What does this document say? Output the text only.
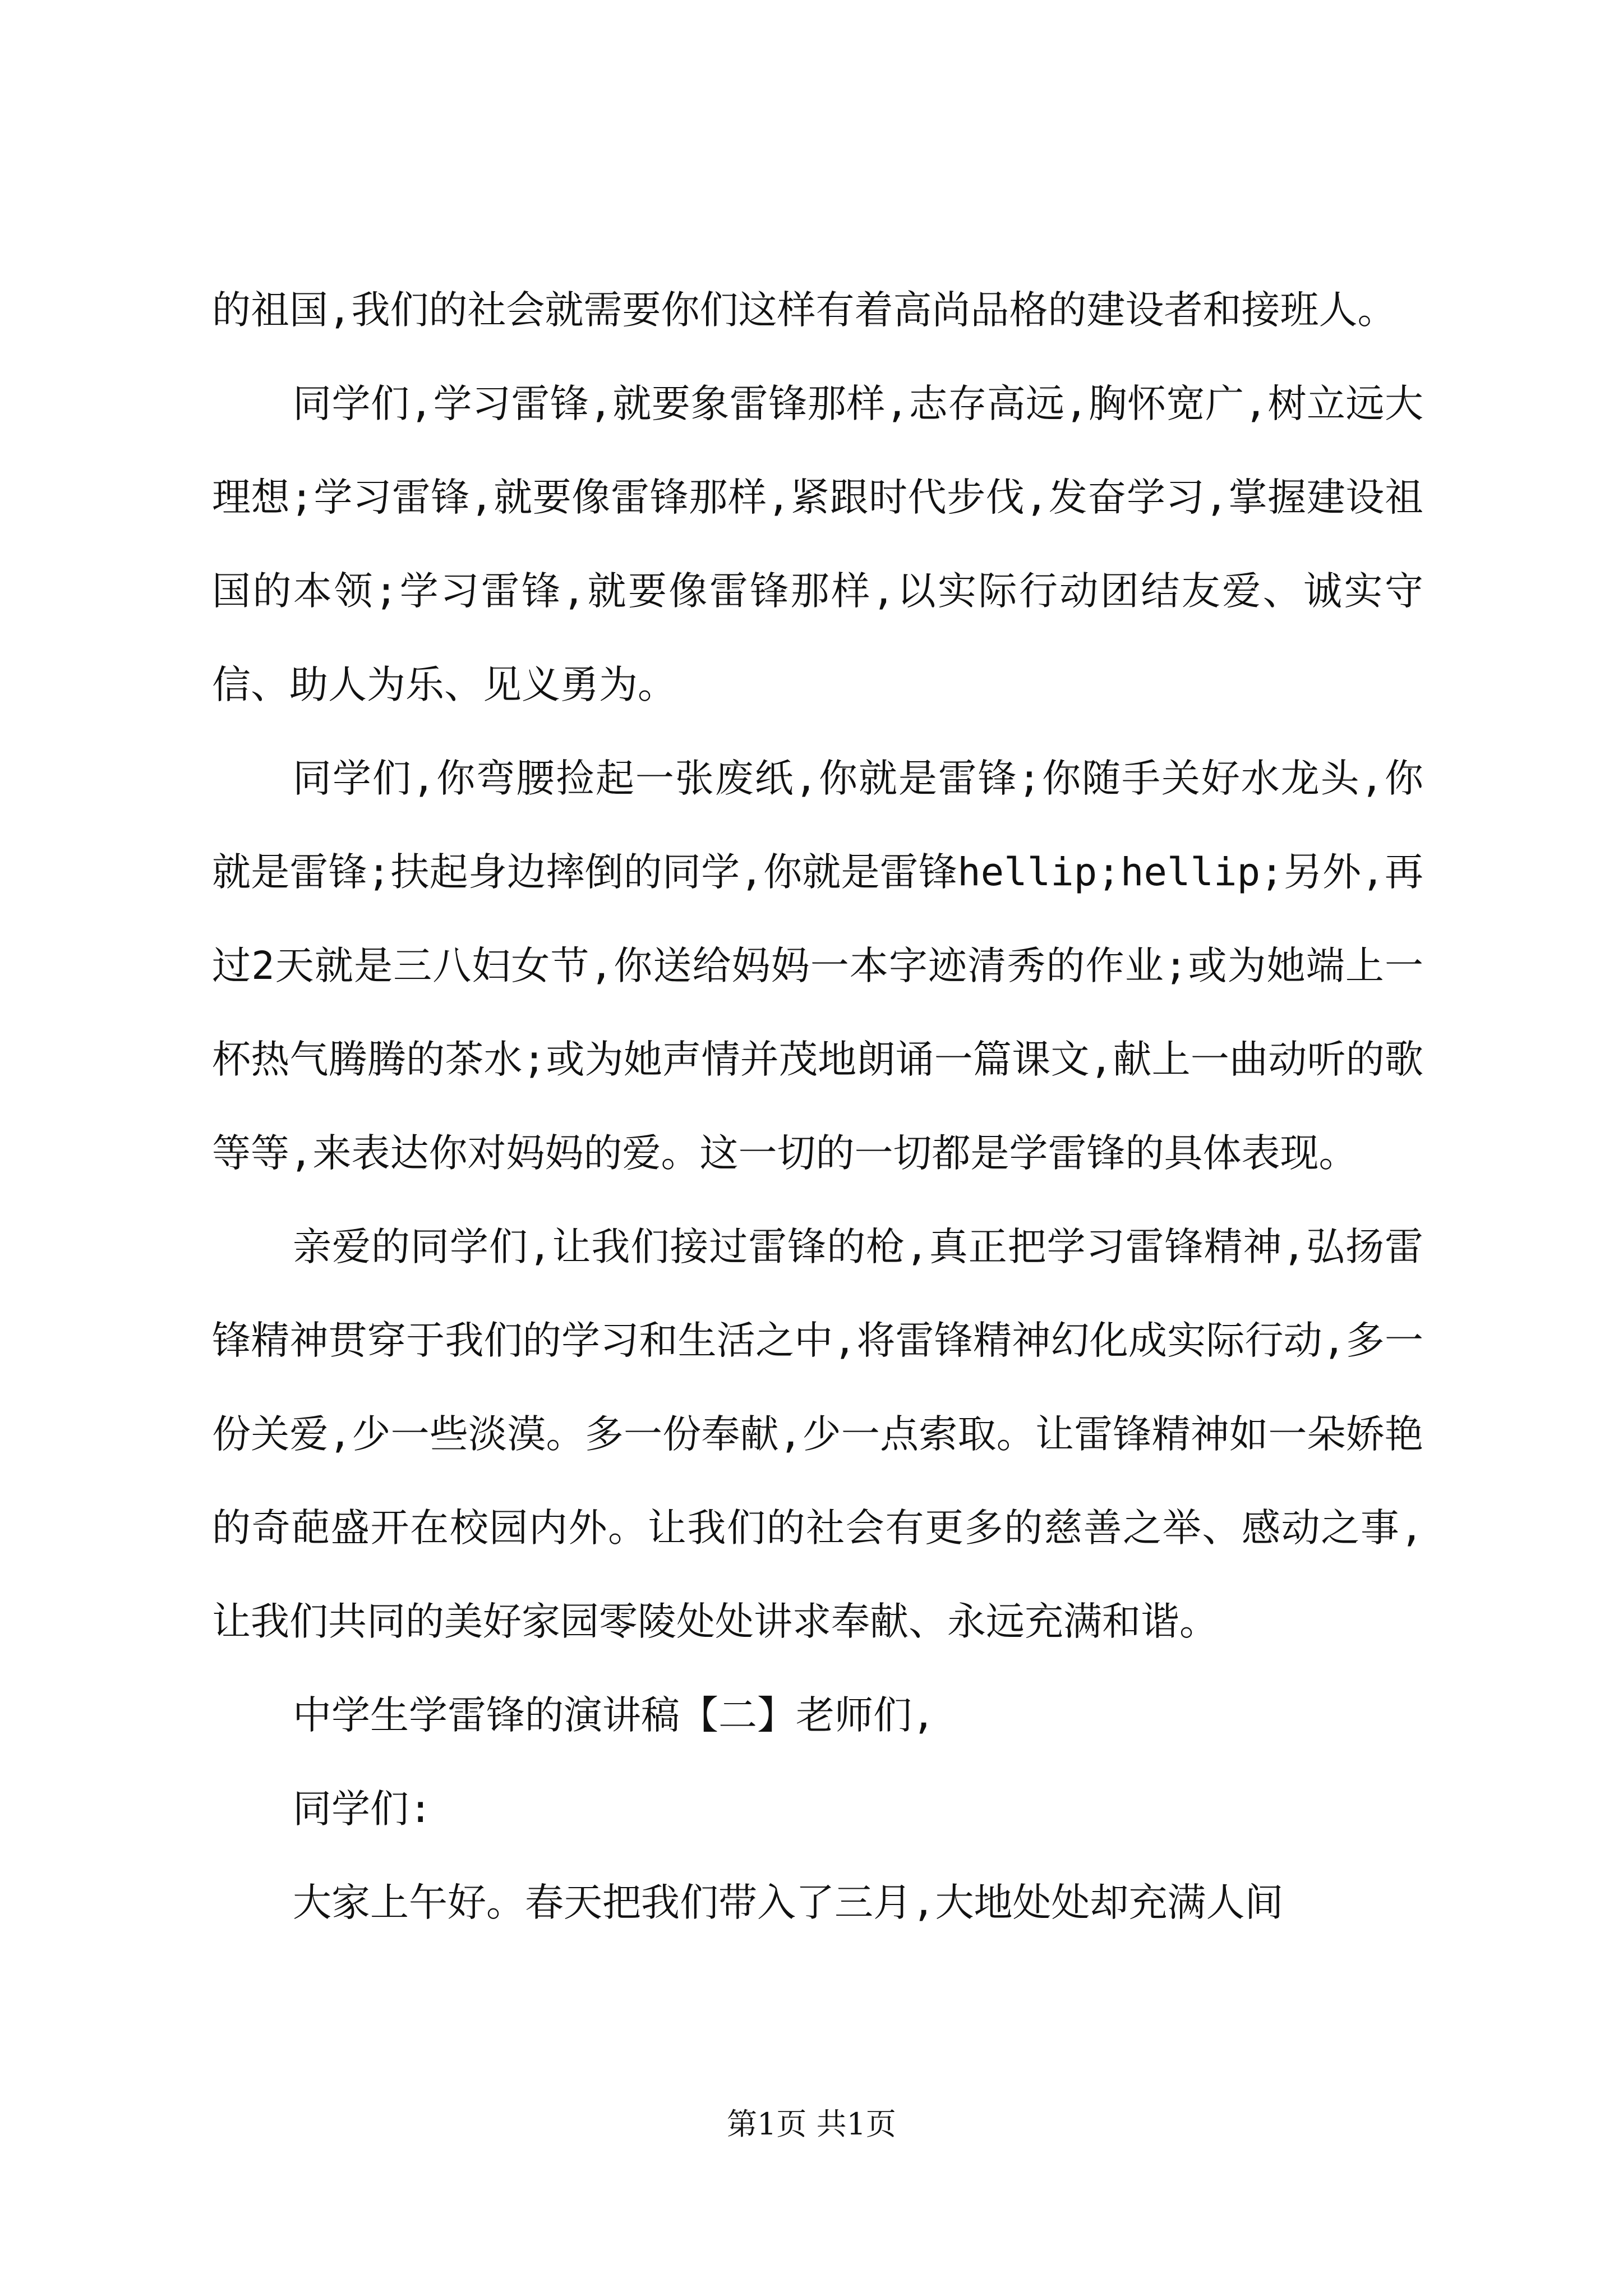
的祖国,我们的社会就需要你们这样有着高尚品格的建设者和接班人。

同学们,学习雷锋,就要象雷锋那样,志存高远,胸怀宽广,树立远大理想;学习雷锋,就要像雷锋那样,紧跟时代步伐,发奋学习,掌握建设祖国的本领;学习雷锋,就要像雷锋那样,以实际行动团结友爱、诚实守信、助人为乐、见义勇为。

同学们,你弯腰捡起一张废纸,你就是雷锋;你随手关好水龙头,你就是雷锋;扶起身边摔倒的同学,你就是雷锋hellip;hellip;另外,再过2天就是三八妇女节,你送给妈妈一本字迹清秀的作业;或为她端上一杯热气腾腾的茶水;或为她声情并茂地朗诵一篇课文,献上一曲动听的歌等等,来表达你对妈妈的爱。这一切的一切都是学雷锋的具体表现。

亲爱的同学们,让我们接过雷锋的枪,真正把学习雷锋精神,弘扬雷锋精神贯穿于我们的学习和生活之中,将雷锋精神幻化成实际行动,多一份关爱,少一些淡漠。多一份奉献,少一点索取。让雷锋精神如一朵娇艳的奇葩盛开在校园内外。让我们的社会有更多的慈善之举、感动之事,让我们共同的美好家园零陵处处讲求奉献、永远充满和谐。

中学生学雷锋的演讲稿【二】老师们,

同学们:

大家上午好。春天把我们带入了三月,大地处处却充满人间

第1页 共1页
